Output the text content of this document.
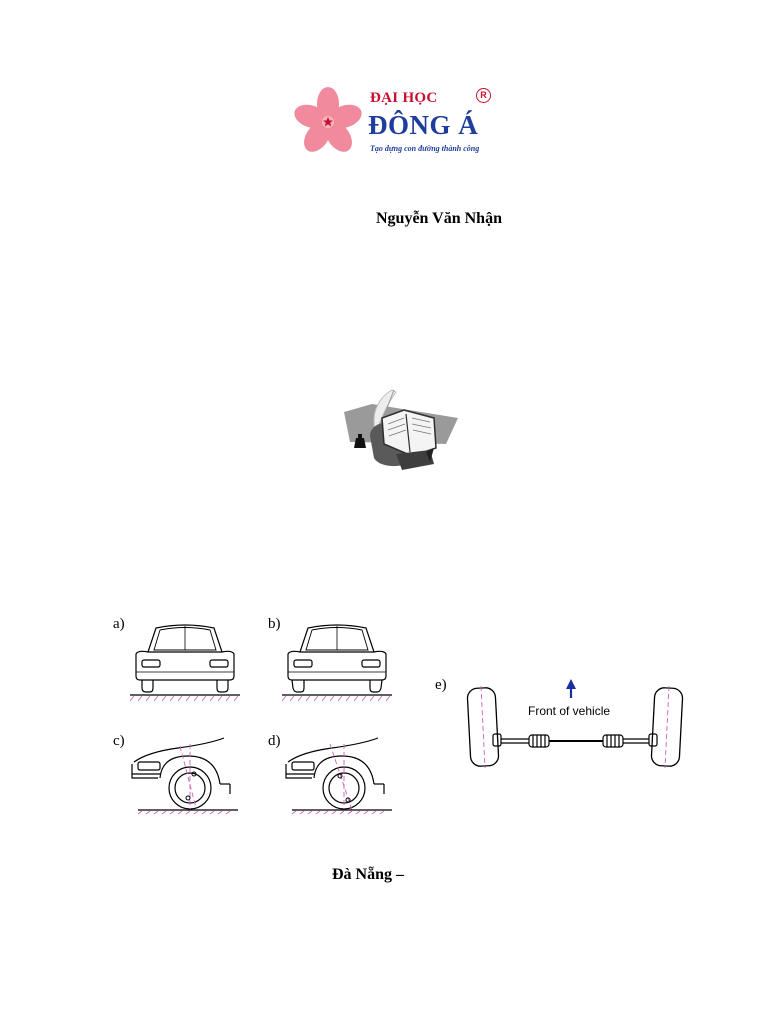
ĐẠI HỌC	R
ĐÔNG Á
Tạo dựng con đường thành công
Nguyễn Văn Nhận
a)	b)
c)	d)
e)
Front of vehicle
Đà Nẵng –
